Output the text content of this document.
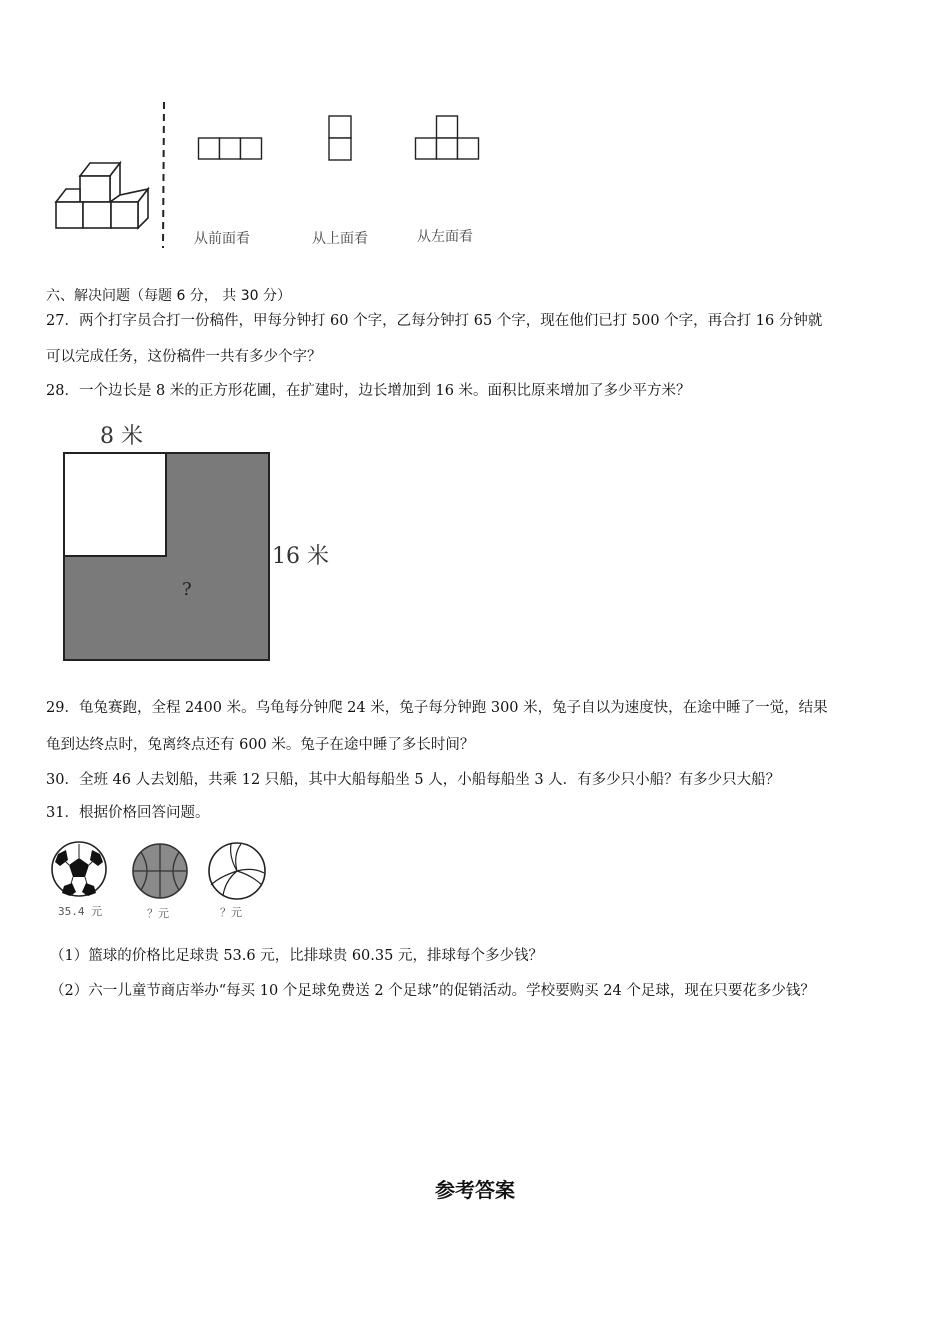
从前面看	从上面看	从左面看
六、解决问题（每题 6 分， 共 30 分）
27．两个打字员合打一份稿件，甲每分钟打 60 个字，乙每分钟打 65 个字，现在他们已打 500 个字，再合打 16 分钟就
可以完成任务，这份稿件一共有多少个字？
28．一个边长是 8 米的正方形花圃，在扩建时，边长增加到 16 米。面积比原来增加了多少平方米？
8 米
16 米
?
29．龟兔赛跑，全程 2400 米。乌龟每分钟爬 24 米，兔子每分钟跑 300 米，兔子自以为速度快，在途中睡了一觉，结果
龟到达终点时，兔离终点还有 600 米。兔子在途中睡了多长时间？
30．全班 46 人去划船，共乘 12 只船，其中大船每船坐 5 人，小船每船坐 3 人．有多少只小船？有多少只大船？
31．根据价格回答问题。
35.4 元	？元	？元
（1）篮球的价格比足球贵 53.6 元，比排球贵 60.35 元，排球每个多少钱？
（2）六一儿童节商店举办“每买 10 个足球免费送 2 个足球”的促销活动。学校要购买 24 个足球，现在只要花多少钱？
参考答案
